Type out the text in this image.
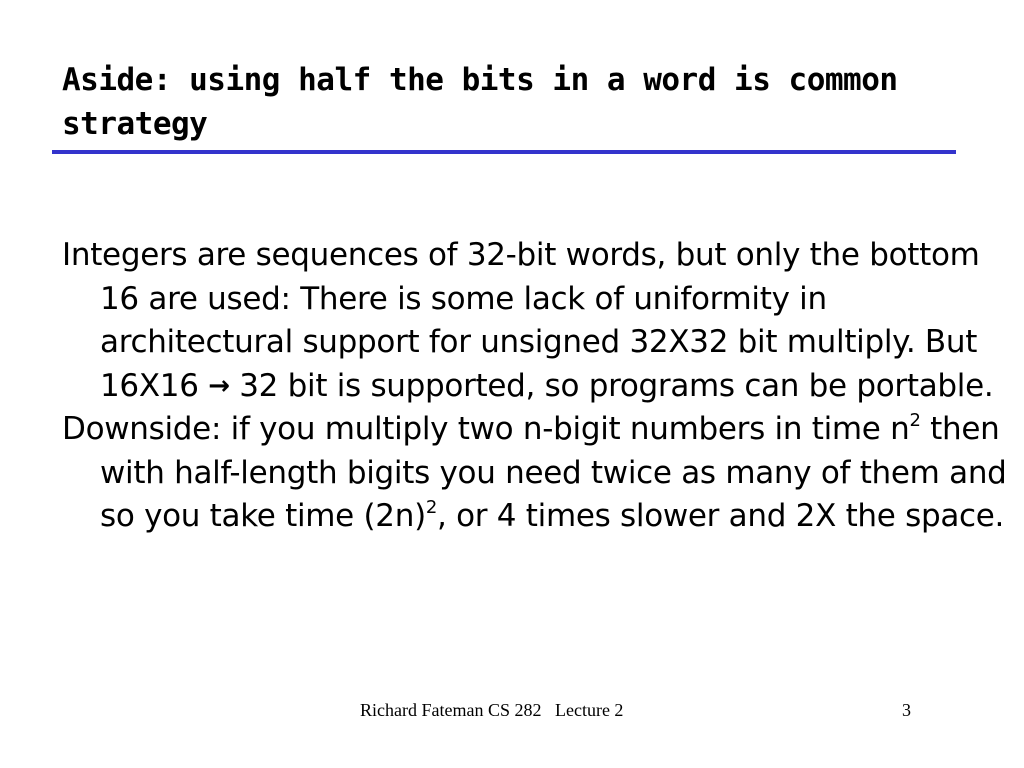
Aside: using half the bits in a word is common strategy
Integers are sequences of 32-bit words, but only the bottom 16 are used: There is some lack of uniformity in architectural support for unsigned 32X32 bit multiply. But 16X16 → 32 bit is supported, so programs can be portable.
Downside: if you multiply two n-bigit numbers in time $n^2$ then with half-length bigits you need twice as many of them and so you take time $(2n)^2$, or 4 times slower and 2X the space.
Richard Fateman CS 282   Lecture 2	3
